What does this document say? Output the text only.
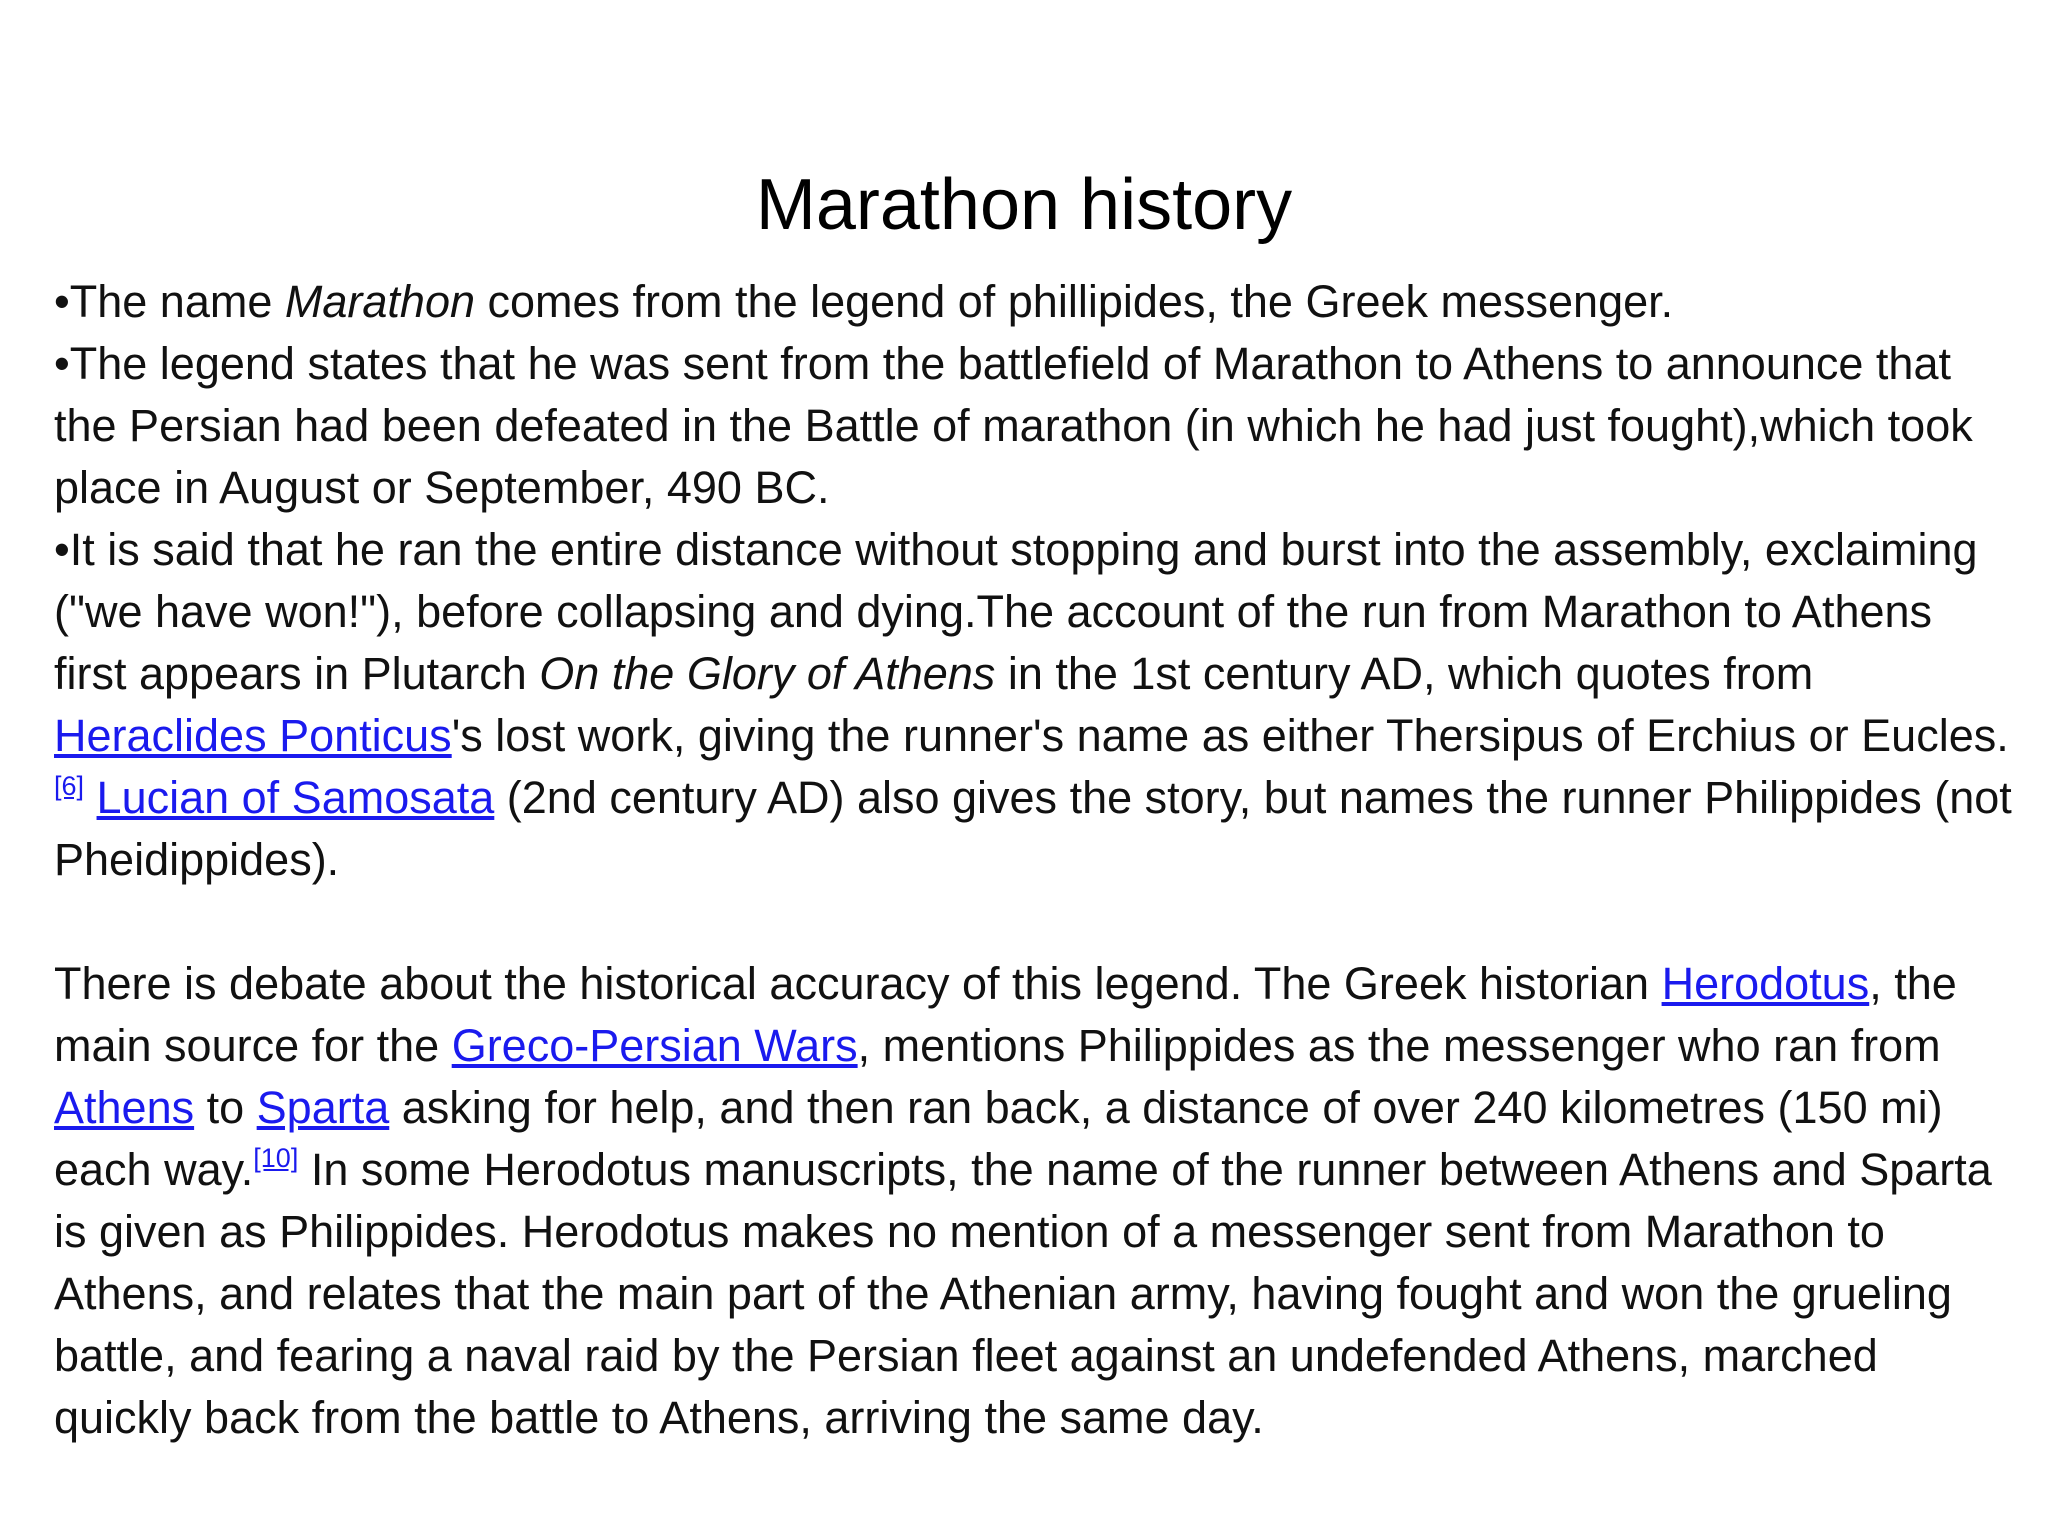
Marathon history

•The name Marathon comes from the legend of phillipides, the Greek messenger.

•The legend states that he was sent from the battlefield of Marathon to Athens to announce that the Persian had been defeated in the Battle of marathon (in which he had just fought),which took place in August or September, 490 BC.

•It is said that he ran the entire distance without stopping and burst into the assembly, exclaiming ("we have won!"), before collapsing and dying.The account of the run from Marathon to Athens first appears in Plutarch On the Glory of Athens in the 1st century AD, which quotes from Heraclides Ponticus's lost work, giving the runner's name as either Thersipus of Erchius or Eucles.[6] Lucian of Samosata (2nd century AD) also gives the story, but names the runner Philippides (not Pheidippides).

There is debate about the historical accuracy of this legend. The Greek historian Herodotus, the main source for the Greco-Persian Wars, mentions Philippides as the messenger who ran from Athens to Sparta asking for help, and then ran back, a distance of over 240 kilometres (150 mi) each way.[10] In some Herodotus manuscripts, the name of the runner between Athens and Sparta is given as Philippides. Herodotus makes no mention of a messenger sent from Marathon to Athens, and relates that the main part of the Athenian army, having fought and won the grueling battle, and fearing a naval raid by the Persian fleet against an undefended Athens, marched quickly back from the battle to Athens, arriving the same day.
